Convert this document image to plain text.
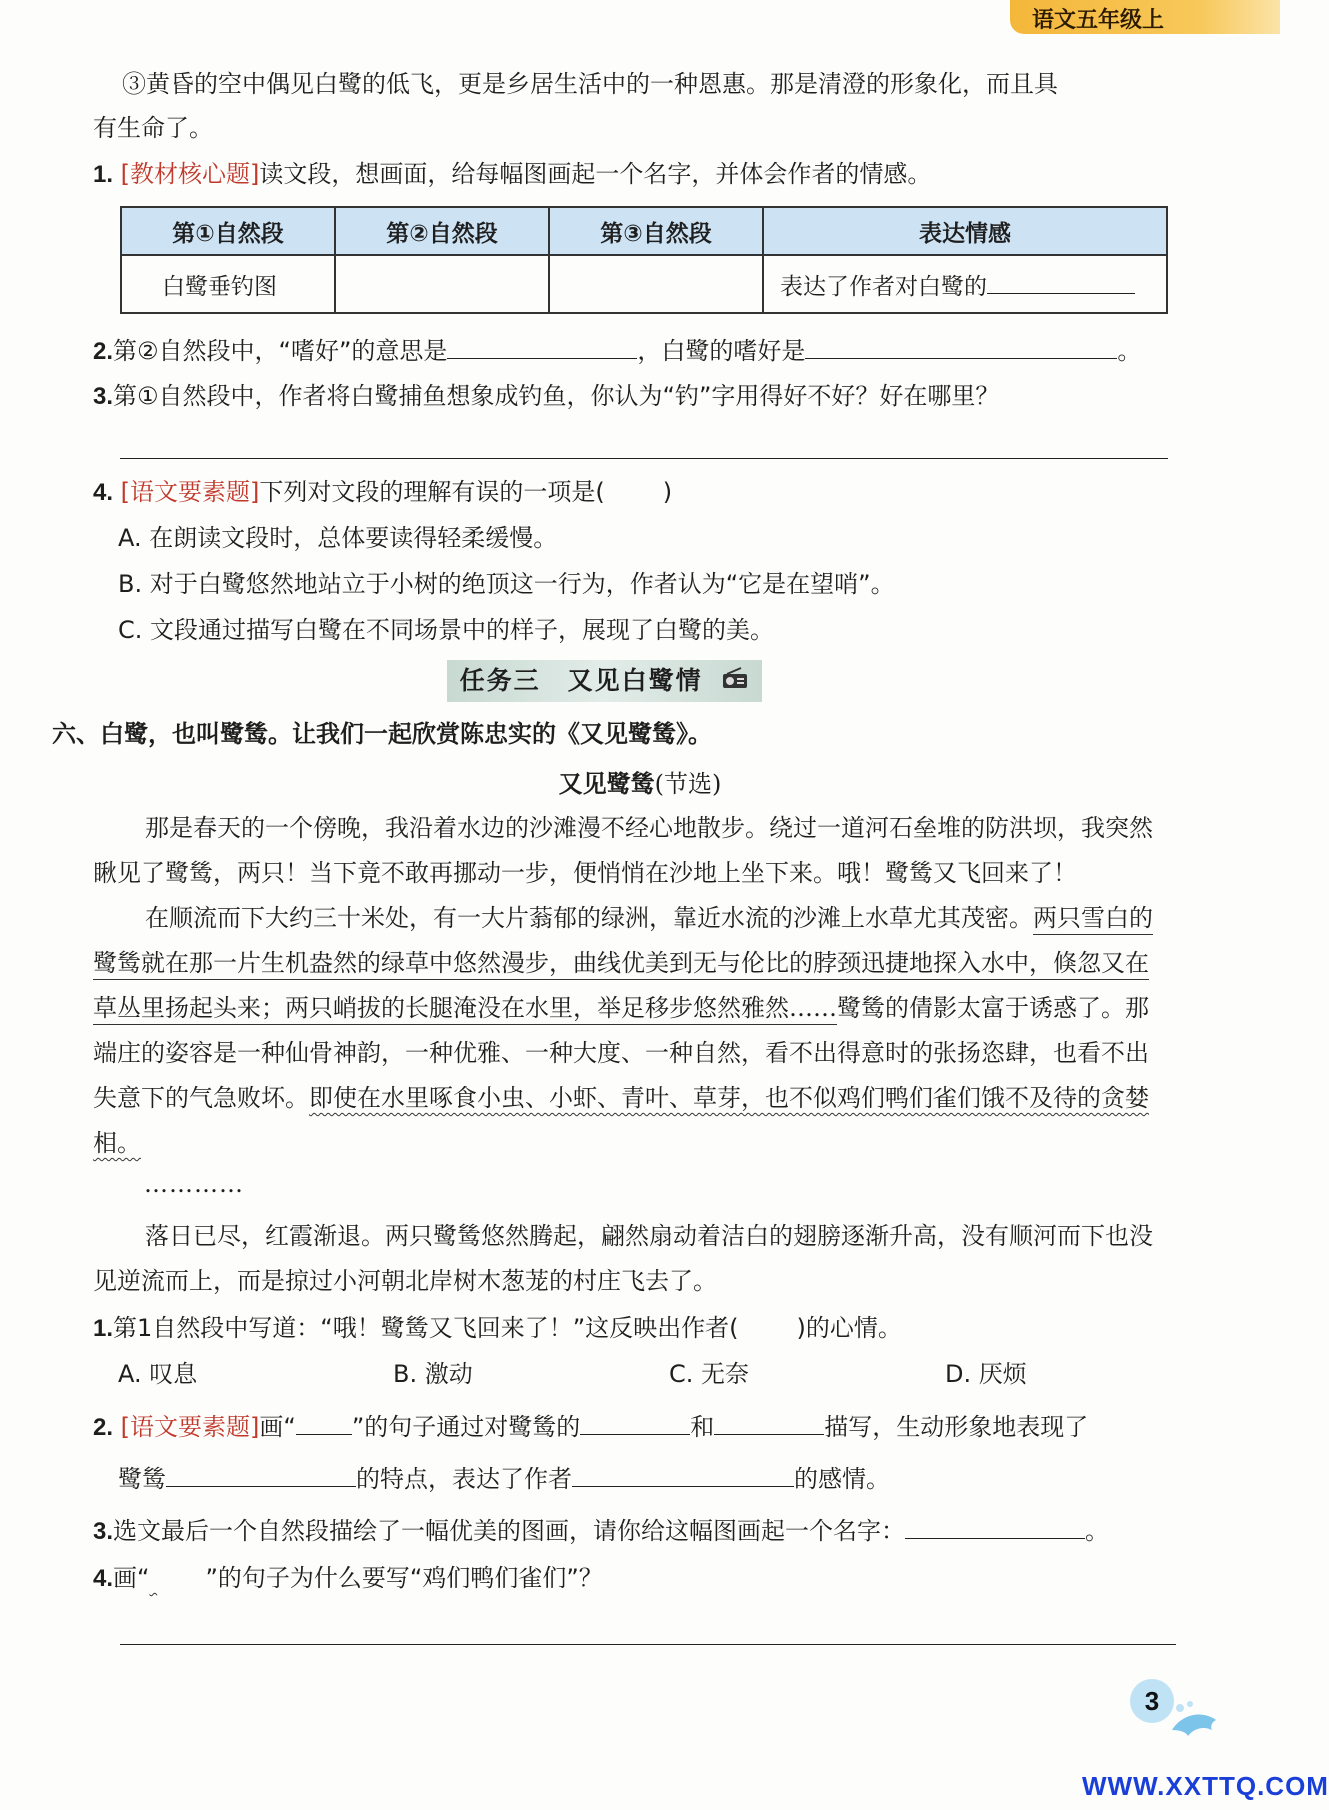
语文五年级上
③黄昏的空中偶见白鹭的低飞，更是乡居生活中的一种恩惠。那是清澄的形象化，而且具
有生命了。
1. [教材核心题]读文段，想画面，给每幅图画起一个名字，并体会作者的情感。
第①自然段	第②自然段	第③自然段	表达情感
白鹭垂钓图			表达了作者对白鹭的
2.第②自然段中，“嗜好”的意思是	，白鹭的嗜好是	。
3.第①自然段中，作者将白鹭捕鱼想象成钓鱼，你认为“钓”字用得好不好？好在哪里？
4. [语文要素题]下列对文段的理解有误的一项是( )
A. 在朗读文段时，总体要读得轻柔缓慢。
B. 对于白鹭悠然地站立于小树的绝顶这一行为，作者认为“它是在望哨”。
C. 文段通过描写白鹭在不同场景中的样子，展现了白鹭的美。
任务三　又见白鹭情
六、白鹭，也叫鹭鸶。让我们一起欣赏陈忠实的《又见鹭鸶》。
又见鹭鸶(节选)
那是春天的一个傍晚，我沿着水边的沙滩漫不经心地散步。绕过一道河石垒堆的防洪坝，我突然瞅见了鹭鸶，两只！当下竟不敢再挪动一步，便悄悄在沙地上坐下来。哦！鹭鸶又飞回来了！
在顺流而下大约三十米处，有一大片蓊郁的绿洲，靠近水流的沙滩上水草尤其茂密。两只雪白的鹭鸶就在那一片生机盎然的绿草中悠然漫步，曲线优美到无与伦比的脖颈迅捷地探入水中，倏忽又在草丛里扬起头来；两只峭拔的长腿淹没在水里，举足移步悠然雅然……鹭鸶的倩影太富于诱惑了。那端庄的姿容是一种仙骨神韵，一种优雅、一种大度、一种自然，看不出得意时的张扬恣肆，也看不出失意下的气急败坏。即使在水里啄食小虫、小虾、青叶、草芽，也不似鸡们鸭们雀们饿不及待的贪婪相。
…………
落日已尽，红霞渐退。两只鹭鸶悠然腾起，翩然扇动着洁白的翅膀逐渐升高，没有顺河而下也没见逆流而上，而是掠过小河朝北岸树木葱茏的村庄飞去了。
1.第1自然段中写道：“哦！鹭鸶又飞回来了！”这反映出作者( )的心情。
A. 叹息	B. 激动	C. 无奈	D. 厌烦
2. [语文要素题]画“ ”的句子通过对鹭鸶的	和	描写，生动形象地表现了
鹭鸶	的特点，表达了作者	的感情。
3.选文最后一个自然段描绘了一幅优美的图画，请你给这幅图画起一个名字：	。
4.画“ ”的句子为什么要写“鸡们鸭们雀们”？
3
WWW.XXTTQ.COM
